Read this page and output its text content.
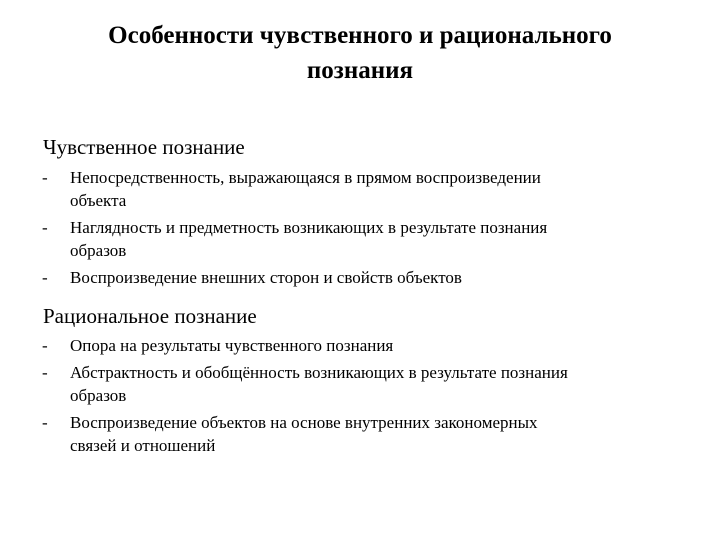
Особенности чувственного и рационального
познания
Чувственное познание
-	Непосредственность, выражающаяся в прямом воспроизведении
объекта
-	Наглядность и предметность возникающих в результате познания
образов
-	Воспроизведение внешних сторон и свойств объектов
Рациональное познание
-	Опора на результаты чувственного познания
-	Абстрактность и обобщённость возникающих в результате познания
образов
-	Воспроизведение объектов на основе внутренних закономерных
связей и отношений
